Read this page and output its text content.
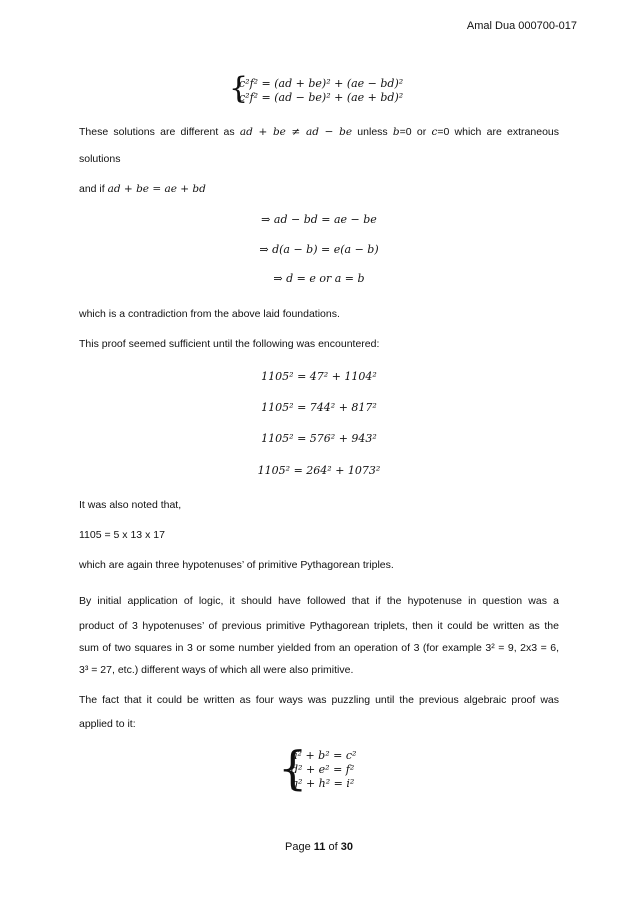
Amal Dua 000700-017
{
c²f² = (ad + be)² + (ae − bd)²
c²f² = (ad − be)² + (ae + bd)²
These solutions are different as ad + be ≠ ad − be unless b=0 or c=0 which are extraneous
solutions
and if ad + be = ae + bd
⇒ ad − bd = ae − be
⇒ d(a − b) = e(a − b)
⇒ d = e or a = b
which is a contradiction from the above laid foundations.
This proof seemed sufficient until the following was encountered:
1105² = 47² + 1104²
1105² = 744² + 817²
1105² = 576² + 943²
1105² = 264² + 1073²
It was also noted that,
1105 = 5 x 13 x 17
which are again three hypotenuses’ of primitive Pythagorean triples.
By initial application of logic, it should have followed that if the hypotenuse in question was a
product of 3 hypotenuses’ of previous primitive Pythagorean triplets, then it could be written as the
sum of two squares in 3 or some number yielded from an operation of 3 (for example 3² = 9, 2x3 = 6,
3³ = 27, etc.) different ways of which all were also primitive.
The fact that it could be written as four ways was puzzling until the previous algebraic proof was
applied to it:
{
a² + b² = c²
d² + e² = f²
g² + h² = i²
Page 11 of 30
